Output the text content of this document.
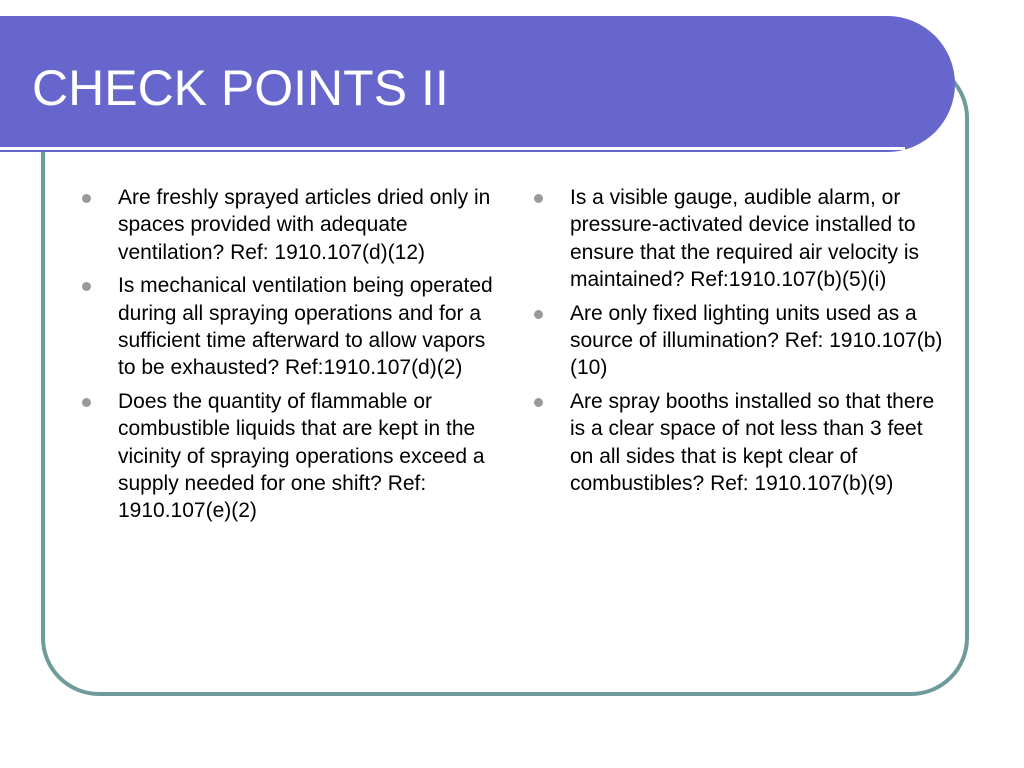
CHECK POINTS II
Are freshly sprayed articles dried only in spaces provided with adequate ventilation? Ref: 1910.107(d)(12)
Is mechanical ventilation being operated during all spraying operations and for a sufficient time afterward to allow vapors to be exhausted? Ref:1910.107(d)(2)
Does the quantity of flammable or combustible liquids that are kept in the vicinity of spraying operations exceed a supply needed for one shift? Ref: 1910.107(e)(2)
Is a visible gauge, audible alarm, or pressure-activated device installed to ensure that the required air velocity is maintained? Ref:1910.107(b)(5)(i)
Are only fixed lighting units used as a source of illumination? Ref: 1910.107(b)(10)
Are spray booths installed so that there is a clear space of not less than 3 feet on all sides that is kept clear of combustibles? Ref: 1910.107(b)(9)
